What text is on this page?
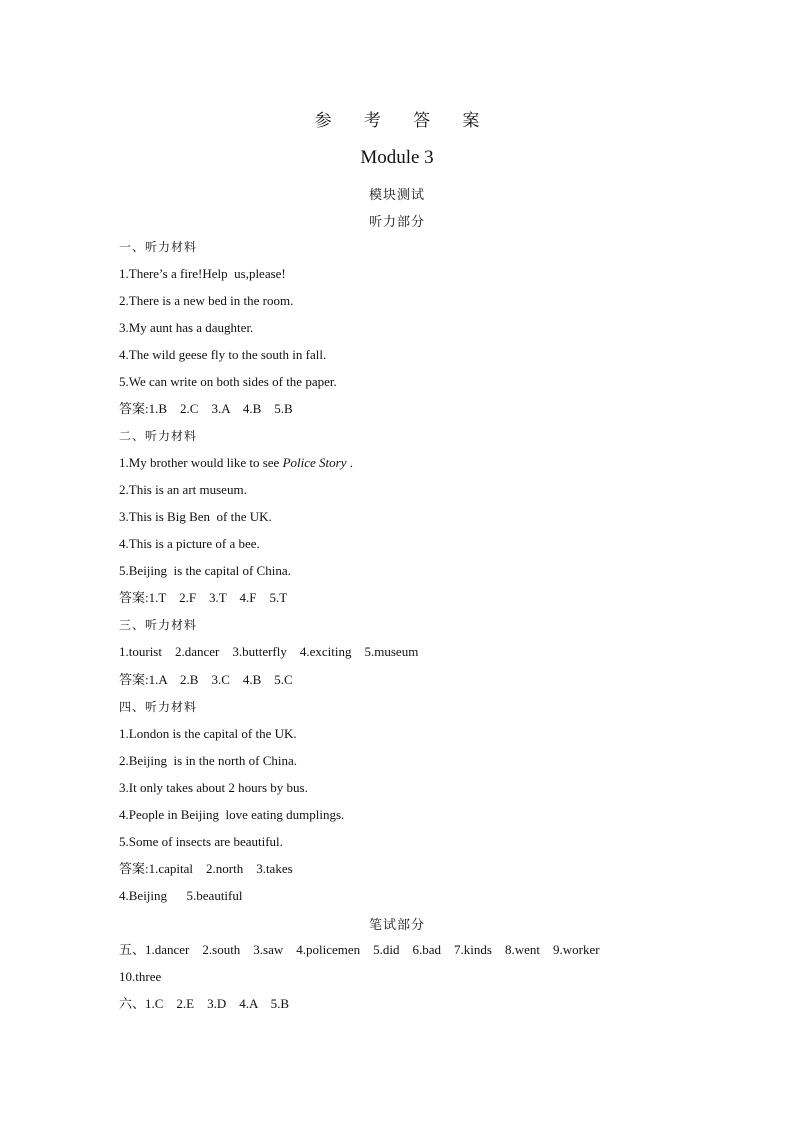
参 考 答 案
Module 3
模块测试
听力部分
一、听力材料
1.There’s a fire!Help  us,please!
2.There is a new bed in the room.
3.My aunt has a daughter.
4.The wild geese fly to the south in fall.
5.We can write on both sides of the paper.
答案:1.B    2.C    3.A    4.B    5.B
二、听力材料
1.My brother would like to see Police Story .
2.This is an art museum.
3.This is Big Ben  of the UK.
4.This is a picture of a bee.
5.Beijing  is the capital of China.
答案:1.T    2.F    3.T    4.F    5.T
三、听力材料
1.tourist    2.dancer    3.butterfly    4.exciting    5.museum
答案:1.A    2.B    3.C    4.B    5.C
四、听力材料
1.London is the capital of the UK.
2.Beijing  is in the north of China.
3.It only takes about 2 hours by bus.
4.People in Beijing  love eating dumplings.
5.Some of insects are beautiful.
答案:1.capital    2.north    3.takes
4.Beijing      5.beautiful
笔试部分
五、1.dancer    2.south    3.saw    4.policemen    5.did    6.bad    7.kinds    8.went    9.worker
10.three
六、1.C    2.E    3.D    4.A    5.B
